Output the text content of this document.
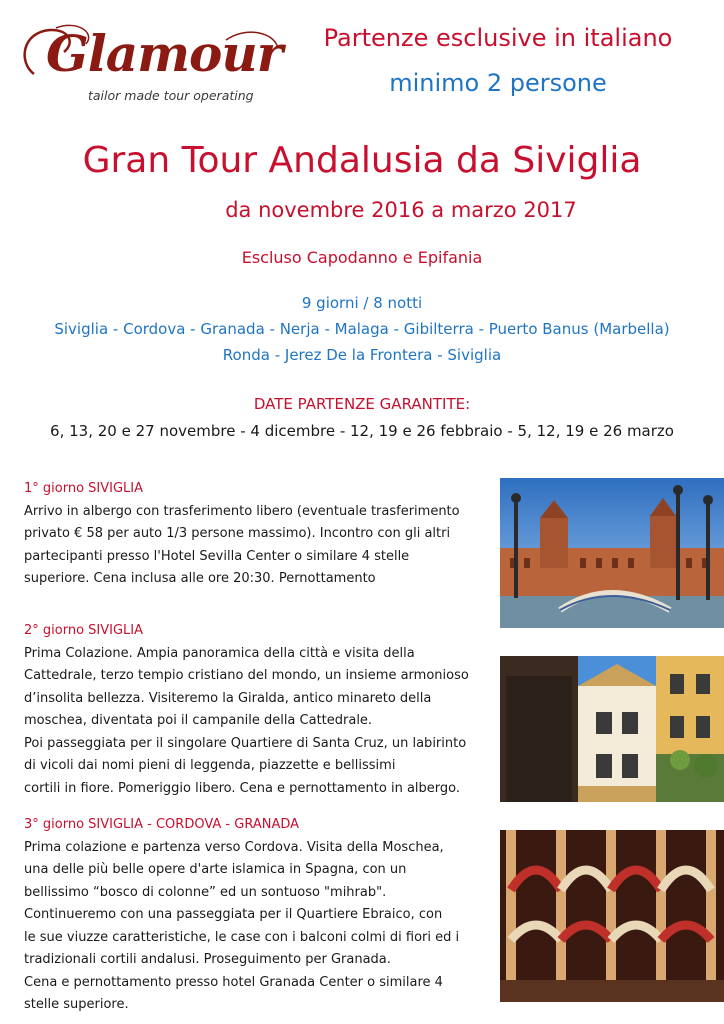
Glamour
tailor made tour operating
Partenze esclusive in italiano
minimo 2 persone
Gran Tour Andalusia da Siviglia
da novembre 2016 a marzo 2017
Escluso Capodanno e Epifania
9 giorni / 8 notti
Siviglia - Cordova - Granada - Nerja - Malaga - Gibilterra - Puerto Banus (Marbella)
Ronda - Jerez De la Frontera - Siviglia
DATE PARTENZE GARANTITE:
6, 13, 20 e 27 novembre - 4 dicembre - 12, 19 e 26 febbraio - 5, 12, 19 e 26 marzo

1° giorno SIVIGLIA

Arrivo in albergo con trasferimento libero (eventuale trasferimento

privato € 58 per auto 1/3 persone massimo). Incontro con gli altri

partecipanti presso l'Hotel Sevilla Center o similare 4 stelle

superiore. Cena inclusa alle ore 20:30. Pernottamento

2° giorno SIVIGLIA

Prima Colazione. Ampia panoramica della città e visita della

Cattedrale, terzo tempio cristiano del mondo, un insieme armonioso

d’insolita bellezza. Visiteremo la Giralda, antico minareto della

moschea, diventata poi il campanile della Cattedrale.

Poi passeggiata per il singolare Quartiere di Santa Cruz, un labirinto

di vicoli dai nomi pieni di leggenda, piazzette e bellissimi

cortili in fiore. Pomeriggio libero. Cena e pernottamento in albergo.

3° giorno SIVIGLIA - CORDOVA - GRANADA

Prima colazione e partenza verso Cordova. Visita della Moschea,

una delle più belle opere d'arte islamica in Spagna, con un

bellissimo “bosco di colonne” ed un sontuoso "mihrab".

Continueremo con una passeggiata per il Quartiere Ebraico, con

le sue viuzze caratteristiche, le case con i balconi colmi di fiori ed i

tradizionali cortili andalusi. Proseguimento per Granada.

Cena e pernottamento presso hotel Granada Center o similare 4

stelle superiore.
